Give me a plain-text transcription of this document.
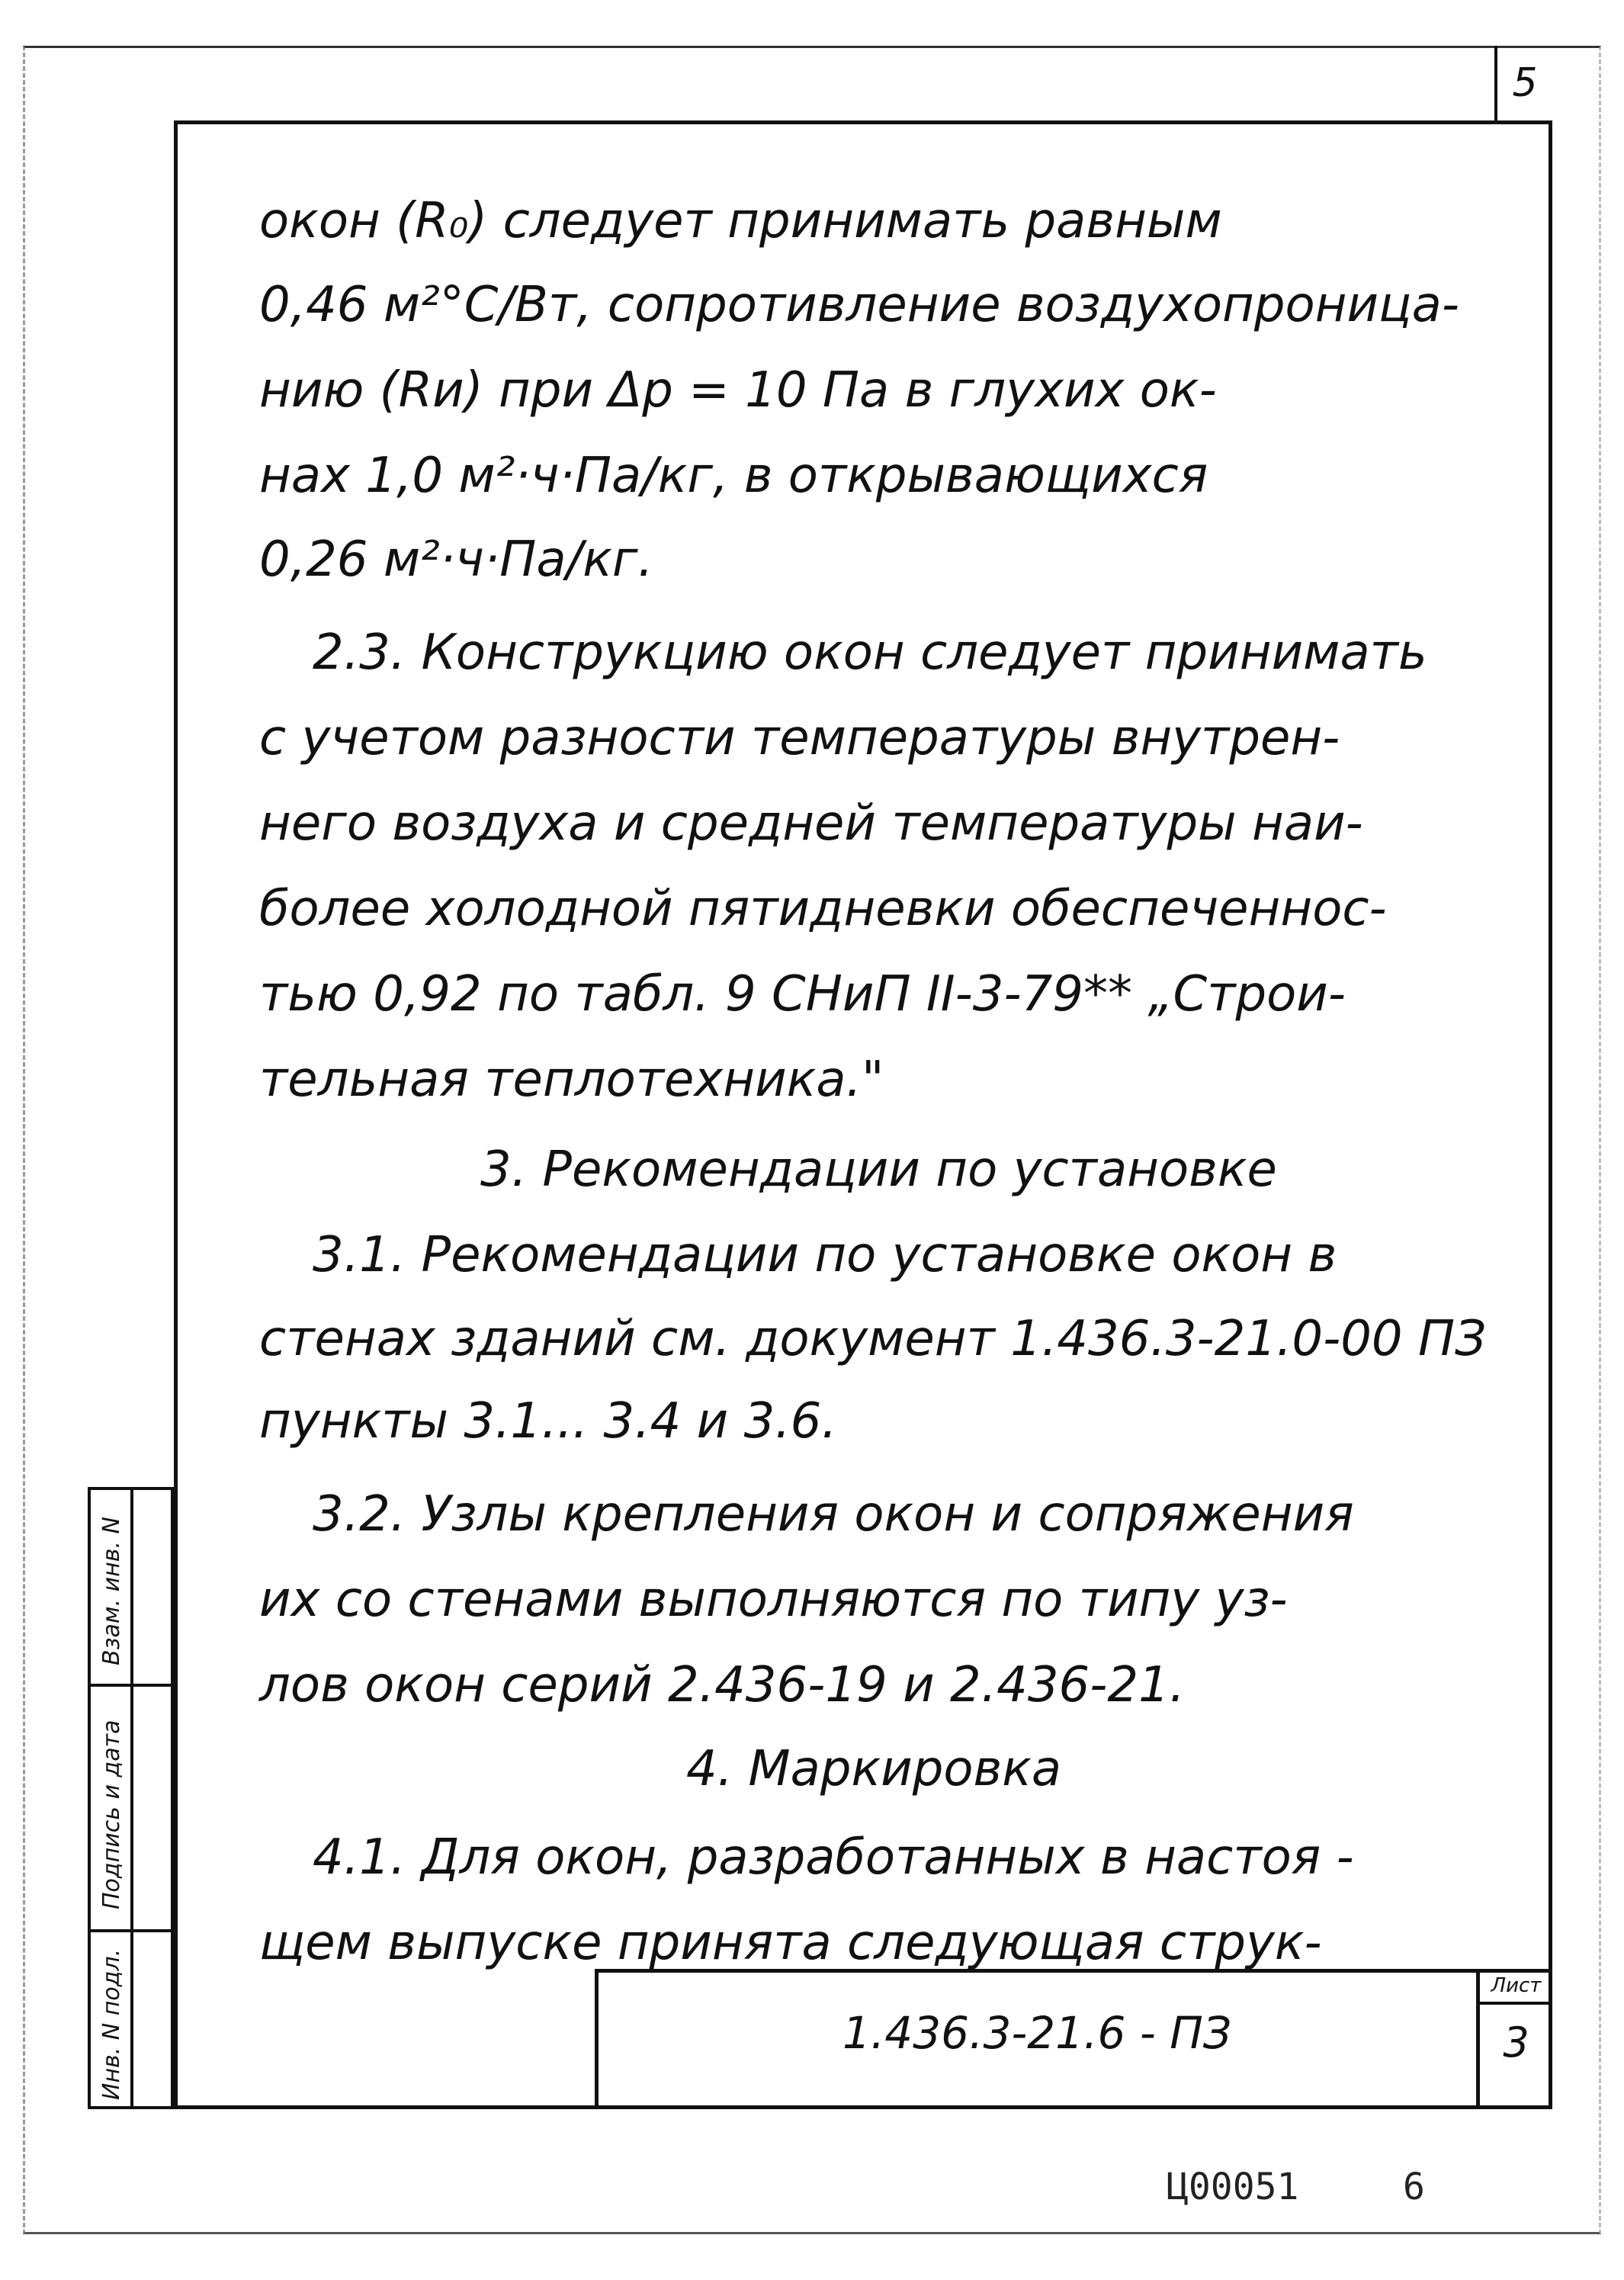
5
окон (R₀) следует принимать равным
0,46 м²°С/Вт, сопротивление воздухопроница-
нию (Rи) при Δр = 10 Па в глухих ок-
нах 1,0 м²·ч·Па/кг, в открывающихся
0,26 м²·ч·Па/кг.
2.3. Конструкцию окон следует принимать
с учетом разности температуры внутрен-
него воздуха и средней температуры наи-
более холодной пятидневки обеспеченнос-
тью 0,92 по табл. 9 СНиП II-3-79** „Строи-
тельная теплотехника."
3. Рекомендации по установке
3.1. Рекомендации по установке окон в
стенах зданий см. документ 1.436.3-21.0-00 ПЗ
пункты 3.1... 3.4 и 3.6.
3.2. Узлы крепления окон и сопряжения
их со стенами выполняются по типу уз-
лов окон серий 2.436-19 и 2.436-21.
4. Маркировка
4.1. Для окон, разработанных в настоя -
щем выпуске принята следующая струк-
Взам. инв. N
Подпись и дата
Инв. N подл.	1.436.3-21.6 - ПЗ
Лист
3
Ц00051	6
